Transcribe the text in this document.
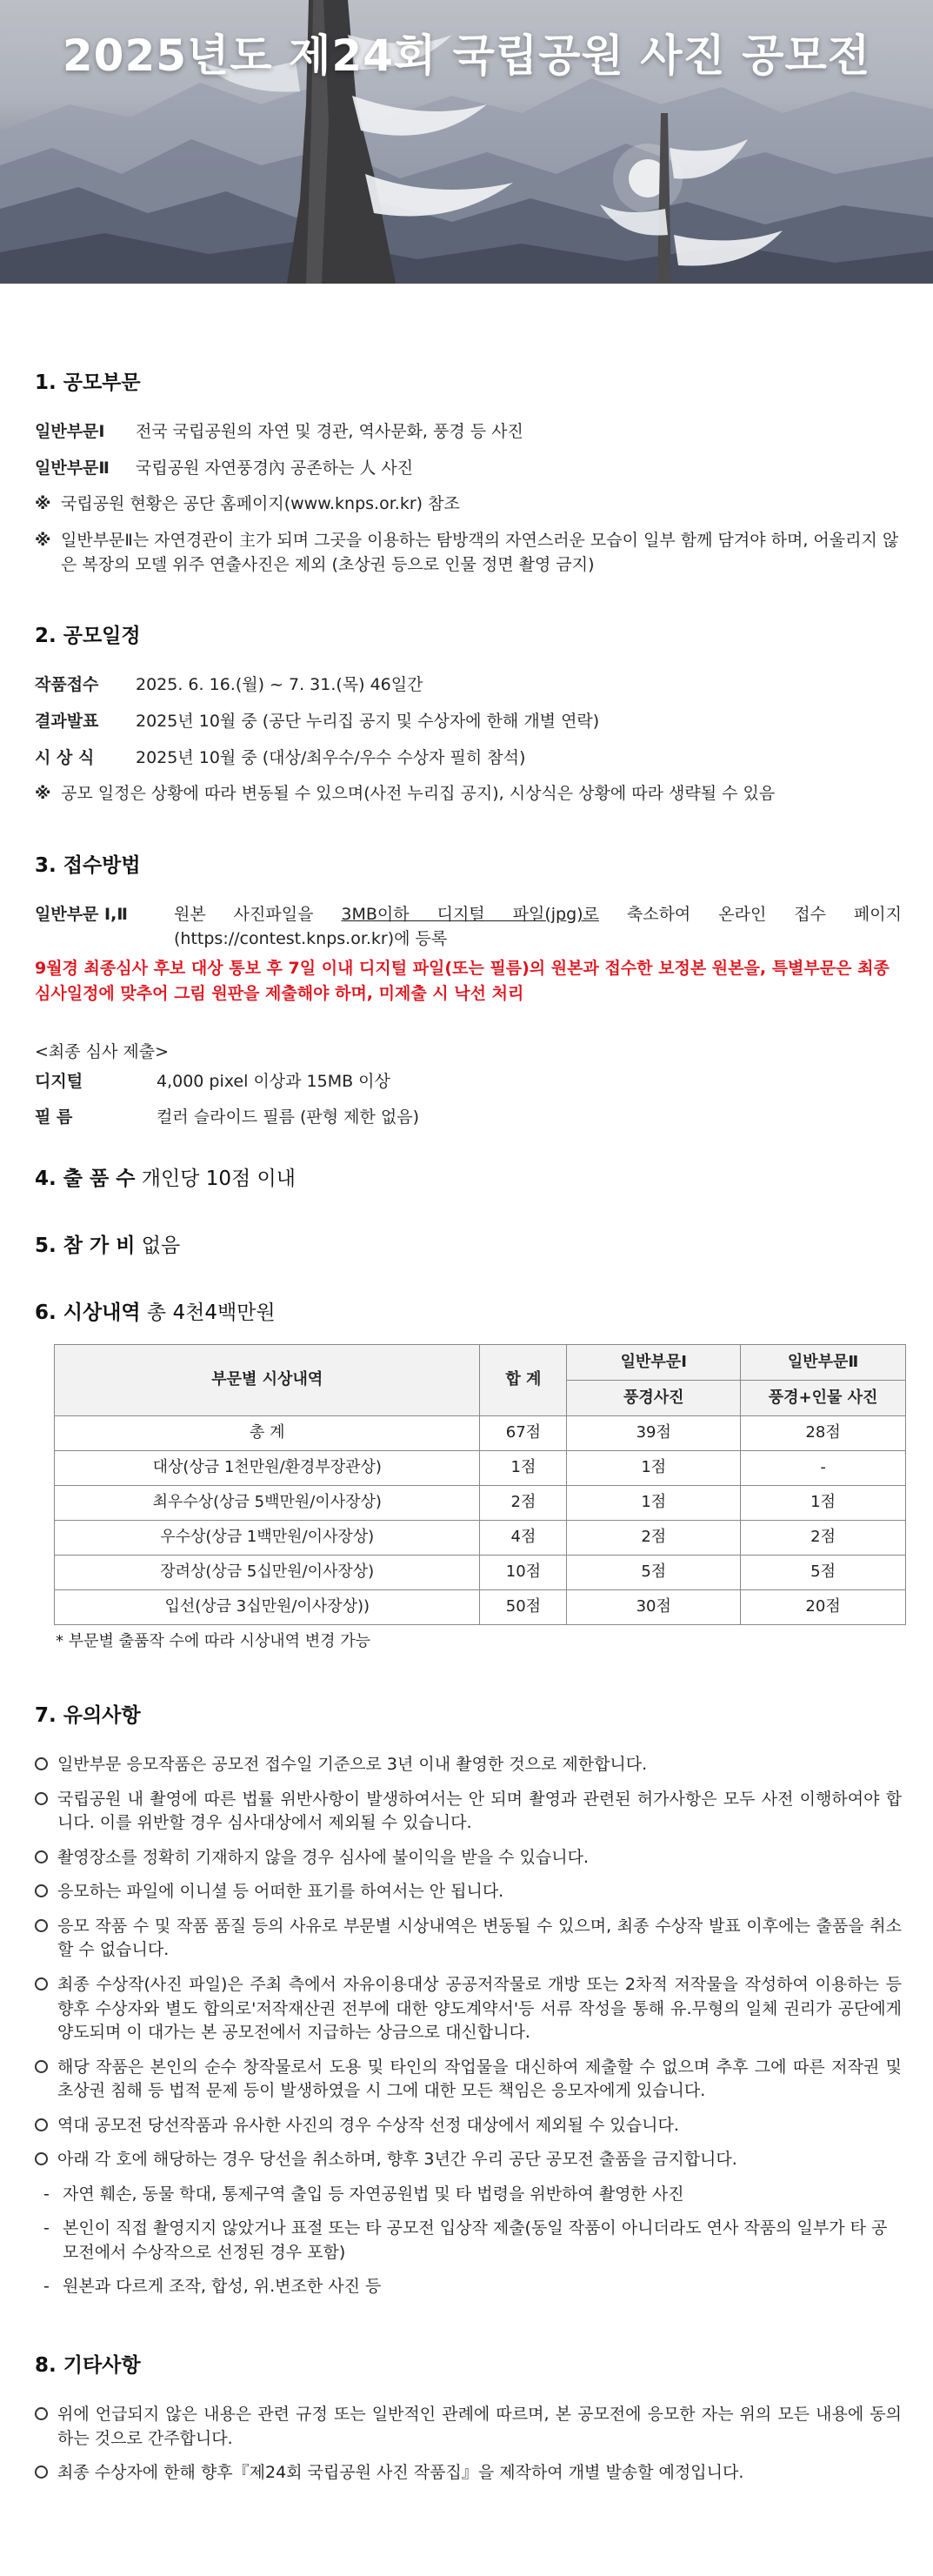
2025년도 제24회 국립공원 사진 공모전
1. 공모부문
일반부문Ⅰ	전국 국립공원의 자연 및 경관, 역사문화, 풍경 등 사진
일반부문Ⅱ	국립공원 자연풍경內 공존하는 人 사진
※ 국립공원 현황은 공단 홈페이지(www.knps.or.kr) 참조
※ 일반부문Ⅱ는 자연경관이 主가 되며 그곳을 이용하는 탐방객의 자연스러운 모습이 일부 함께 담겨야 하며, 어울리지 않은 복장의 모델 위주 연출사진은 제외 (초상권 등으로 인물 정면 촬영 금지)
2. 공모일정
작품접수	2025. 6. 16.(월) ~ 7. 31.(목) 46일간
결과발표	2025년 10월 중 (공단 누리집 공지 및 수상자에 한해 개별 연락)
시 상 식	2025년 10월 중 (대상/최우수/우수 수상자 필히 참석)
※ 공모 일정은 상황에 따라 변동될 수 있으며(사전 누리집 공지), 시상식은 상황에 따라 생략될 수 있음
3. 접수방법
일반부문 Ⅰ,Ⅱ	원본 사진파일을 3MB이하 디지털 파일(jpg)로 축소하여 온라인 접수 페이지(https://contest.knps.or.kr)에 등록
9월경 최종심사 후보 대상 통보 후 7일 이내 디지털 파일(또는 필름)의 원본과 접수한 보정본 원본을, 특별부문은 최종 심사일정에 맞추어 그림 원판을 제출해야 하며, 미제출 시 낙선 처리
<최종 심사 제출>
디지털	4,000 pixel 이상과 15MB 이상
필 름	컬러 슬라이드 필름 (판형 제한 없음)
4. 출 품 수 개인당 10점 이내
5. 참 가 비 없음
6. 시상내역 총 4천4백만원
부문별 시상내역	합 계	일반부문Ⅰ	일반부문Ⅱ
		풍경사진	풍경+인물 사진
총 계	67점	39점	28점
대상(상금 1천만원/환경부장관상)	1점	1점	-
최우수상(상금 5백만원/이사장상)	2점	1점	1점
우수상(상금 1백만원/이사장상)	4점	2점	2점
장려상(상금 5십만원/이사장상)	10점	5점	5점
입선(상금 3십만원/이사장상))	50점	30점	20점
* 부문별 출품작 수에 따라 시상내역 변경 가능
7. 유의사항
일반부문 응모작품은 공모전 접수일 기준으로 3년 이내 촬영한 것으로 제한합니다.
국립공원 내 촬영에 따른 법률 위반사항이 발생하여서는 안 되며 촬영과 관련된 허가사항은 모두 사전 이행하여야 합니다. 이를 위반할 경우 심사대상에서 제외될 수 있습니다.
촬영장소를 정확히 기재하지 않을 경우 심사에 불이익을 받을 수 있습니다.
응모하는 파일에 이니셜 등 어떠한 표기를 하여서는 안 됩니다.
응모 작품 수 및 작품 품질 등의 사유로 부문별 시상내역은 변동될 수 있으며, 최종 수상작 발표 이후에는 출품을 취소할 수 없습니다.
최종 수상작(사진 파일)은 주최 측에서 자유이용대상 공공저작물로 개방 또는 2차적 저작물을 작성하여 이용하는 등 향후 수상자와 별도 합의로'저작재산권 전부에 대한 양도계약서'등 서류 작성을 통해 유.무형의 일체 권리가 공단에게 양도되며 이 대가는 본 공모전에서 지급하는 상금으로 대신합니다.
해당 작품은 본인의 순수 창작물로서 도용 및 타인의 작업물을 대신하여 제출할 수 없으며 추후 그에 따른 저작권 및 초상권 침해 등 법적 문제 등이 발생하였을 시 그에 대한 모든 책임은 응모자에게 있습니다.
역대 공모전 당선작품과 유사한 사진의 경우 수상작 선정 대상에서 제외될 수 있습니다.
아래 각 호에 해당하는 경우 당선을 취소하며, 향후 3년간 우리 공단 공모전 출품을 금지합니다.
- 자연 훼손, 동물 학대, 통제구역 출입 등 자연공원법 및 타 법령을 위반하여 촬영한 사진
- 본인이 직접 촬영지지 않았거나 표절 또는 타 공모전 입상작 제출(동일 작품이 아니더라도 연사 작품의 일부가 타 공모전에서 수상작으로 선정된 경우 포함)
- 원본과 다르게 조작, 합성, 위.변조한 사진 등
8. 기타사항
위에 언급되지 않은 내용은 관련 규정 또는 일반적인 관례에 따르며, 본 공모전에 응모한 자는 위의 모든 내용에 동의하는 것으로 간주합니다.
최종 수상자에 한해 향후『제24회 국립공원 사진 작품집』을 제작하여 개별 발송할 예정입니다.
